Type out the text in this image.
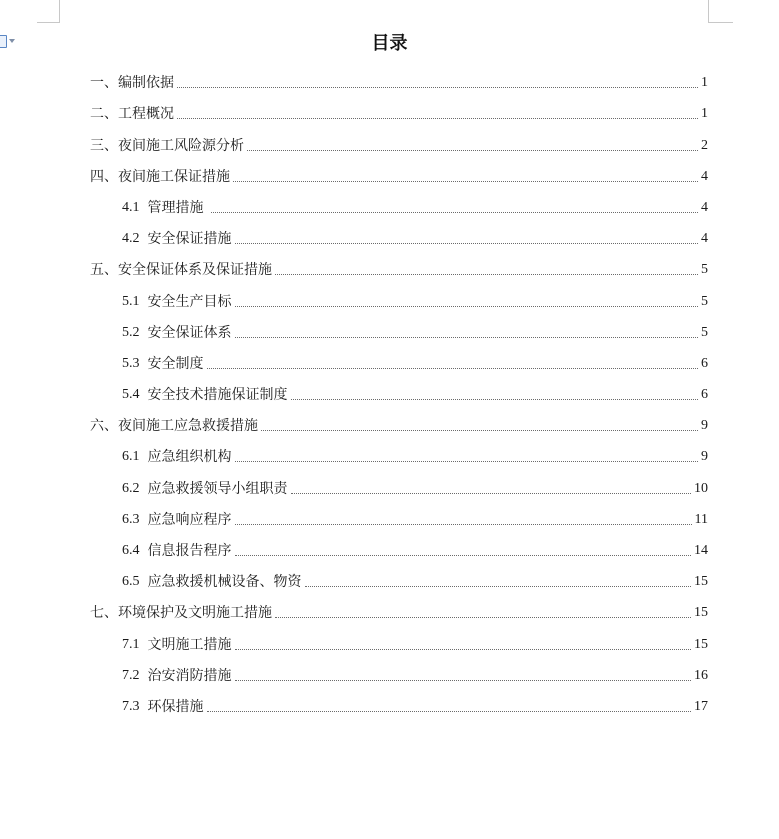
目录
一、编制依据	1
二、工程概况	1
三、夜间施工风险源分析	2
四、夜间施工保证措施	4
4.1 管理措施	4
4.2 安全保证措施	4
五、安全保证体系及保证措施	5
5.1 安全生产目标	5
5.2 安全保证体系	5
5.3 安全制度	6
5.4 安全技术措施保证制度	6
六、夜间施工应急救援措施	9
6.1 应急组织机构	9
6.2 应急救援领导小组职责	10
6.3 应急响应程序	11
6.4 信息报告程序	14
6.5 应急救援机械设备、物资	15
七、环境保护及文明施工措施	15
7.1 文明施工措施	15
7.2 治安消防措施	16
7.3 环保措施	17
